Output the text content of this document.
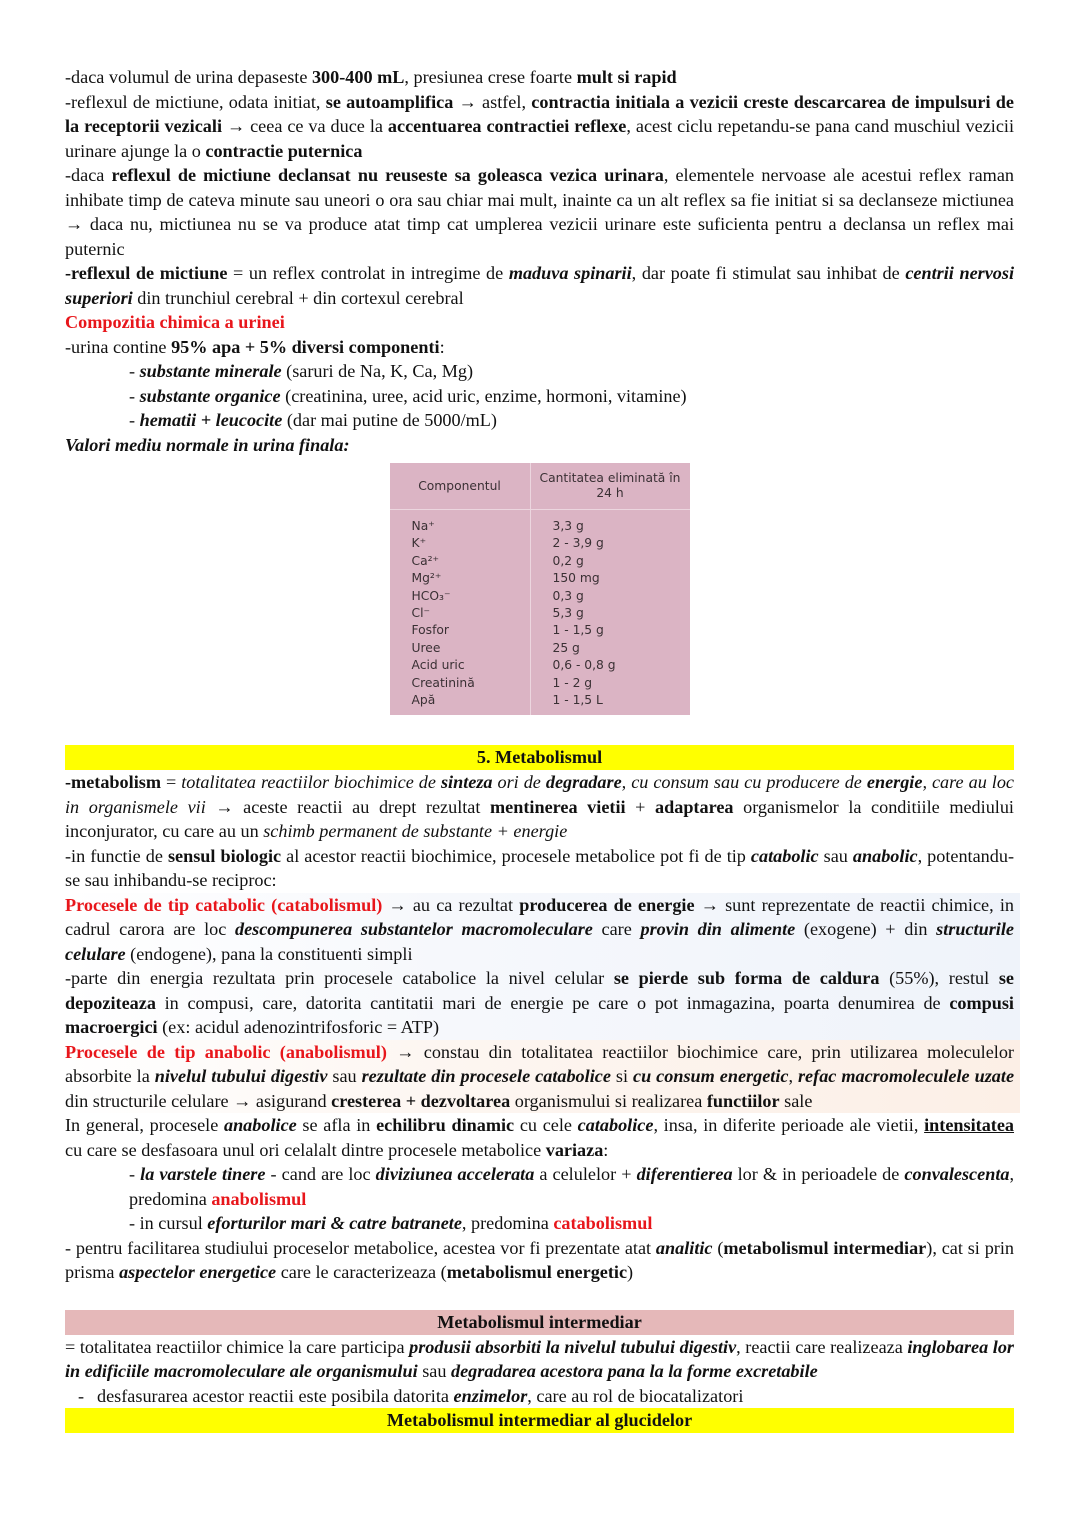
-daca volumul de urina depaseste 300-400 mL, presiunea crese foarte mult si rapid

-reflexul de mictiune, odata initiat, se autoamplifica → astfel, contractia initiala a vezicii creste descarcarea de impulsuri de la receptorii vezicali → ceea ce va duce la accentuarea contractiei reflexe, acest ciclu repetandu-se pana cand muschiul vezicii urinare ajunge la o contractie puternica

-daca reflexul de mictiune declansat nu reuseste sa goleasca vezica urinara, elementele nervoase ale acestui reflex raman inhibate timp de cateva minute sau uneori o ora sau chiar mai mult, inainte ca un alt reflex sa fie initiat si sa declanseze mictiunea → daca nu, mictiunea nu se va produce atat timp cat umplerea vezicii urinare este suficienta pentru a declansa un reflex mai puternic

-reflexul de mictiune = un reflex controlat in intregime de maduva spinarii, dar poate fi stimulat sau inhibat de centrii nervosi superiori din trunchiul cerebral + din cortexul cerebral

Compozitia chimica a urinei

-urina contine 95% apa + 5% diversi componenti:

- substante minerale (saruri de Na, K, Ca, Mg)

- substante organice (creatinina, uree, acid uric, enzime, hormoni, vitamine)

- hematii + leucocite (dar mai putine de 5000/mL)

Valori mediu normale in urina finala:

Componentul	Cantitatea eliminată în 24 h
Na⁺	3,3 g
K⁺	2 - 3,9 g
Ca²⁺	0,2 g
Mg²⁺	150 mg
HCO₃⁻	0,3 g
Cl⁻	5,3 g
Fosfor	1 - 1,5 g
Uree	25 g
Acid uric	0,6 - 0,8 g
Creatinină	1 - 2 g
Apă	1 - 1,5 L
5. Metabolismul

-metabolism = totalitatea reactiilor biochimice de sinteza ori de degradare, cu consum sau cu producere de energie, care au loc in organismele vii → aceste reactii au drept rezultat mentinerea vietii + adaptarea organismelor la conditiile mediului inconjurator, cu care au un schimb permanent de substante + energie

-in functie de sensul biologic al acestor reactii biochimice, procesele metabolice pot fi de tip catabolic sau anabolic, potentandu-se sau inhibandu-se reciproc:

Procesele de tip catabolic (catabolismul) → au ca rezultat producerea de energie → sunt reprezentate de reactii chimice, in cadrul carora are loc descompunerea substantelor macromoleculare care provin din alimente (exogene) + din structurile celulare (endogene), pana la constituenti simpli

-parte din energia rezultata prin procesele catabolice la nivel celular se pierde sub forma de caldura (55%), restul se depoziteaza in compusi, care, datorita cantitatii mari de energie pe care o pot inmagazina, poarta denumirea de compusi macroergici (ex: acidul adenozintrifosforic = ATP)

Procesele de tip anabolic (anabolismul) → constau din totalitatea reactiilor biochimice care, prin utilizarea moleculelor absorbite la nivelul tubului digestiv sau rezultate din procesele catabolice si cu consum energetic, refac macromoleculele uzate din structurile celulare → asigurand cresterea + dezvoltarea organismului si realizarea functiilor sale

In general, procesele anabolice se afla in echilibru dinamic cu cele catabolice, insa, in diferite perioade ale vietii, intensitatea cu care se desfasoara unul ori celalalt dintre procesele metabolice variaza:

- la varstele tinere - cand are loc diviziunea accelerata a celulelor + diferentierea lor & in perioadele de convalescenta, predomina anabolismul

- in cursul eforturilor mari & catre batranete, predomina catabolismul

- pentru facilitarea studiului proceselor metabolice, acestea vor fi prezentate atat analitic (metabolismul intermediar), cat si prin prisma aspectelor energetice care le caracterizeaza (metabolismul energetic)

Metabolismul intermediar

= totalitatea reactiilor chimice la care participa produsii absorbiti la nivelul tubului digestiv, reactii care realizeaza inglobarea lor in edificiile macromoleculare ale organismului sau degradarea acestora pana la la forme excretabile

- desfasurarea acestor reactii este posibila datorita enzimelor, care au rol de biocatalizatori
Metabolismul intermediar al glucidelor
